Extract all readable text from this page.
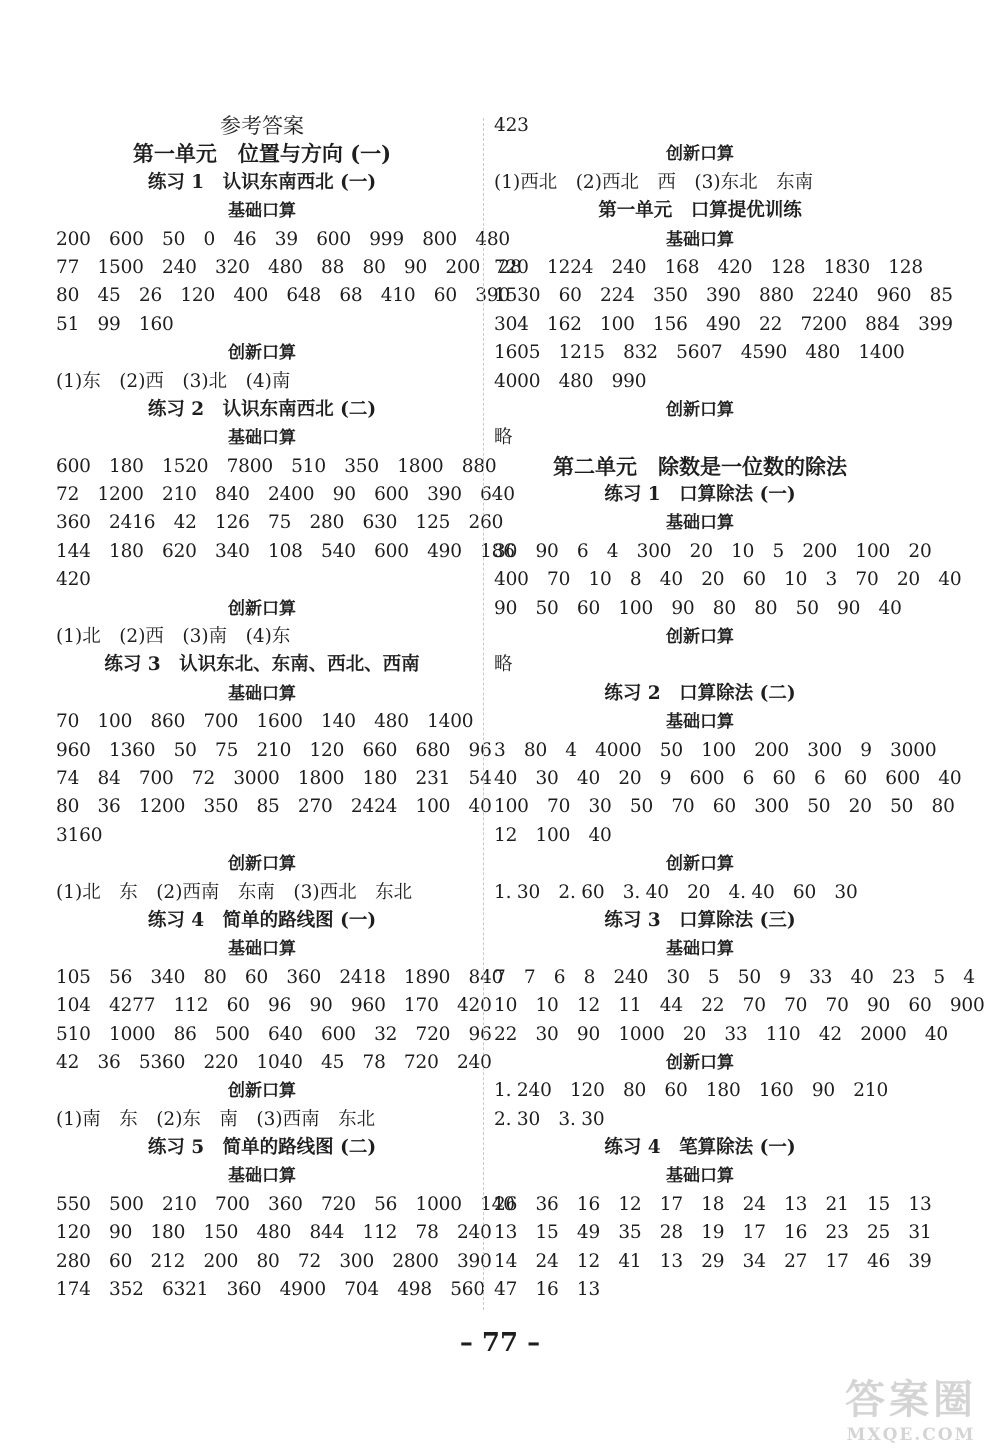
参考答案
第一单元　位置与方向 (一)
练习 1　认识东南西北 (一)
基础口算
200　600　50　0　46　39　600　999　800　480
77　1500　240　320　480　88　80　90　200　28
80　45　26　120　400　648　68　410　60　390
51　99　160
创新口算
(1)东　(2)西　(3)北　(4)南
练习 2　认识东南西北 (二)
基础口算
600　180　1520　7800　510　350　1800　880
72　1200　210　840　2400　90　600　390　640
360　2416　42　126　75　280　630　125　260
144　180　620　340　108　540　600　490　186
420
创新口算
(1)北　(2)西　(3)南　(4)东
练习 3　认识东北、东南、西北、西南
基础口算
70　100　860　700　1600　140　480　1400
960　1360　50　75　210　120　660　680　96
74　84　700　72　3000　1800　180　231　54
80　36　1200　350　85　270　2424　100　40
3160
创新口算
(1)北　东　(2)西南　东南　(3)西北　东北
练习 4　简单的路线图 (一)
基础口算
105　56　340　80　60　360　2418　1890　840
104　4277　112　60　96　90　960　170　420
510　1000　86　500　640　600　32　720　96
42　36　5360　220　1040　45　78　720　240
创新口算
(1)南　东　(2)东　南　(3)西南　东北
练习 5　简单的路线图 (二)
基础口算
550　500　210　700　360　720　56　1000　140
120　90　180　150　480　844　112　78　240
280　60　212　200　80　72　300　2800　390
174　352　6321　360　4900　704　498　560
423
创新口算
(1)西北　(2)西北　西　(3)东北　东南
第一单元　口算提优训练
基础口算
720　1224　240　168　420　128　1830　128
1530　60　224　350　390　880　2240　960　85
304　162　100　156　490　22　7200　884　399
1605　1215　832　5607　4590　480　1400
4000　480　990
创新口算
略
第二单元　除数是一位数的除法
练习 1　口算除法 (一)
基础口算
30　90　6　4　300　20　10　5　200　100　20
400　70　10　8　40　20　60　10　3　70　20　40
90　50　60　100　90　80　80　50　90　40
创新口算
略
练习 2　口算除法 (二)
基础口算
3　80　4　4000　50　100　200　300　9　3000
40　30　40　20　9　600　6　60　6　60　600　40
100　70　30　50　70　60　300　50　20　50　80
12　100　40
创新口算
1. 30　2. 60　3. 40　20　4. 40　60　30
练习 3　口算除法 (三)
基础口算
7　7　6　8　240　30　5　50　9　33　40　23　5　4
10　10　12　11　44　22　70　70　70　90　60　900
22　30　90　1000　20　33　110　42　2000　40
创新口算
1. 240　120　80　60　180　160　90　210
2. 30　3. 30
练习 4　笔算除法 (一)
基础口算
26　36　16　12　17　18　24　13　21　15　13
13　15　49　35　28　19　17　16　23　25　31
14　24　12　41　13　29　34　27　17　46　39
47　16　13
– 77 –
答案圈
MXQE.COM
